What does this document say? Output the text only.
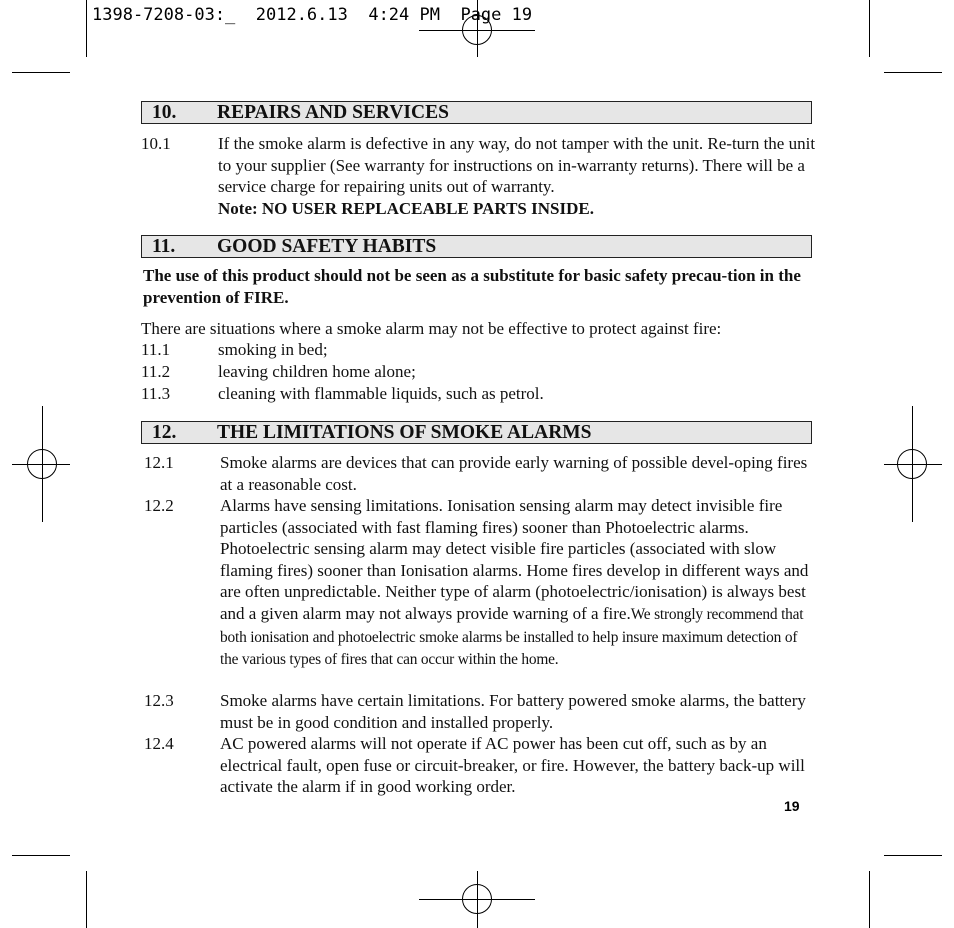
1398-7208-03:_  2012.6.13  4:24 PM  Page 19
10. REPAIRS AND SERVICES
10.1	If the smoke alarm is defective in any way, do not tamper with the unit. Re-turn the unit to your supplier (See warranty for instructions on in-warranty returns). There will be a service charge for repairing units out of warranty.
Note: NO USER REPLACEABLE PARTS INSIDE.
11. GOOD SAFETY HABITS
The use of this product should not be seen as a substitute for basic safety precau-tion in the prevention of FIRE.
There are situations where a smoke alarm may not be effective to protect against fire:
11.1	smoking in bed;
11.2	leaving children home alone;
11.3	cleaning with flammable liquids, such as petrol.
12. THE LIMITATIONS OF SMOKE ALARMS
12.1	Smoke alarms are devices that can provide early warning of possible devel-oping fires at a reasonable cost.
12.2	Alarms have sensing limitations. Ionisation sensing alarm may detect invisible fire particles (associated with fast flaming fires) sooner than Photoelectric alarms. Photoelectric sensing alarm may detect visible fire particles (associated with slow flaming fires) sooner than Ionisation alarms. Home fires develop in different ways and are often unpredictable. Neither type of alarm (photoelectric/ionisation) is always best and a given alarm may not always provide warning of a fire.We strongly recommend that both ionisation and photoelectric smoke alarms be installed to help insure maximum detection of the various types of fires that can occur within the home.
12.3	Smoke alarms have certain limitations. For battery powered smoke alarms, the battery must be in good condition and installed properly.
12.4	AC powered alarms will not operate if AC power has been cut off, such as by an electrical fault, open fuse or circuit-breaker, or fire. However, the battery back-up will activate the alarm if in good working order.
19
